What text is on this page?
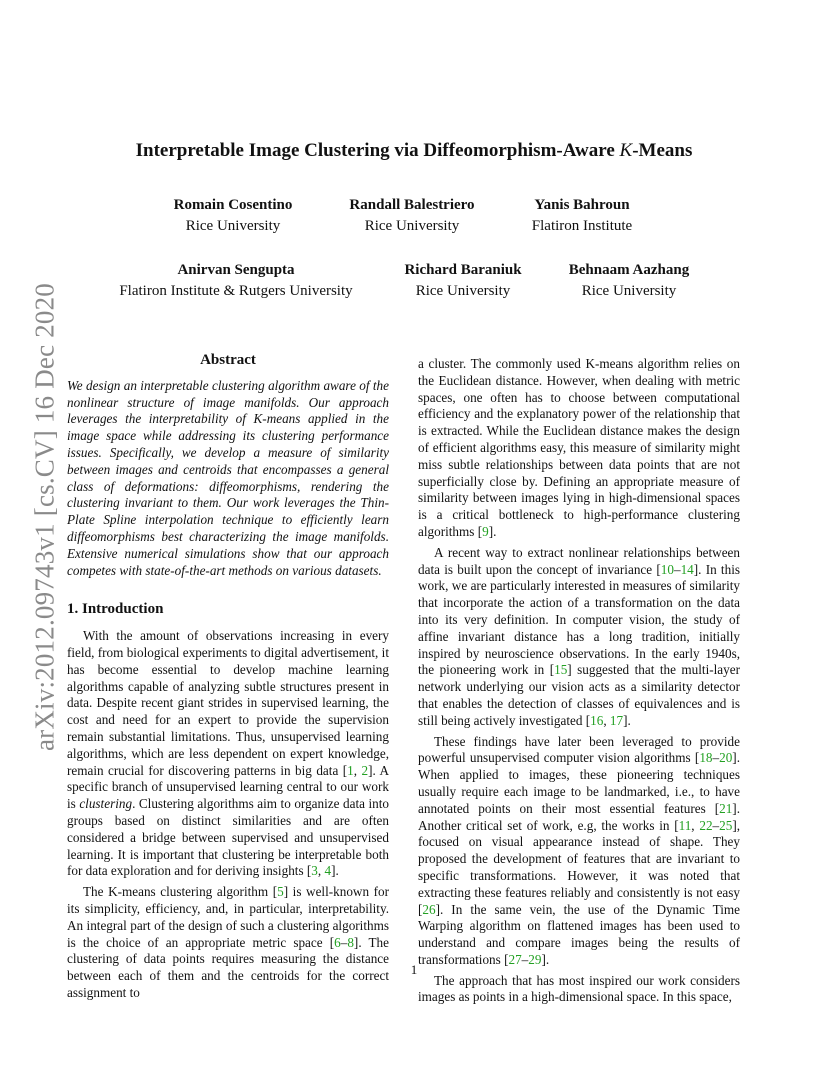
arXiv:2012.09743v1 [cs.CV] 16 Dec 2020
Interpretable Image Clustering via Diffeomorphism-Aware K-Means
Romain Cosentino
Rice University
Randall Balestriero
Rice University
Yanis Bahroun
Flatiron Institute
Anirvan Sengupta
Flatiron Institute & Rutgers University
Richard Baraniuk
Rice University
Behnaam Aazhang
Rice University
Abstract

We design an interpretable clustering algorithm aware of the nonlinear structure of image manifolds. Our approach leverages the interpretability of K-means applied in the image space while addressing its clustering performance issues. Specifically, we develop a measure of similarity between images and centroids that encompasses a general class of deformations: diffeomorphisms, rendering the clustering invariant to them. Our work leverages the Thin-Plate Spline interpolation technique to efficiently learn diffeomorphisms best characterizing the image manifolds. Extensive numerical simulations show that our approach competes with state-of-the-art methods on various datasets.

1. Introduction

With the amount of observations increasing in every field, from biological experiments to digital advertisement, it has become essential to develop machine learning algorithms capable of analyzing subtle structures present in data. Despite recent giant strides in supervised learning, the cost and need for an expert to provide the supervision remain substantial limitations. Thus, unsupervised learning algorithms, which are less dependent on expert knowledge, remain crucial for discovering patterns in big data [1, 2]. A specific branch of unsupervised learning central to our work is clustering. Clustering algorithms aim to organize data into groups based on distinct similarities and are often considered a bridge between supervised and unsupervised learning. It is important that clustering be interpretable both for data exploration and for deriving insights [3, 4].

The K-means clustering algorithm [5] is well-known for its simplicity, efficiency, and, in particular, interpretability. An integral part of the design of such a clustering algorithms is the choice of an appropriate metric space [6–8]. The clustering of data points requires measuring the distance between each of them and the centroids for the correct assignment to

a cluster. The commonly used K-means algorithm relies on the Euclidean distance. However, when dealing with metric spaces, one often has to choose between computational efficiency and the explanatory power of the relationship that is extracted. While the Euclidean distance makes the design of efficient algorithms easy, this measure of similarity might miss subtle relationships between data points that are not superficially close by. Defining an appropriate measure of similarity between images lying in high-dimensional spaces is a critical bottleneck to high-performance clustering algorithms [9].

A recent way to extract nonlinear relationships between data is built upon the concept of invariance [10–14]. In this work, we are particularly interested in measures of similarity that incorporate the action of a transformation on the data into its very definition. In computer vision, the study of affine invariant distance has a long tradition, initially inspired by neuroscience observations. In the early 1940s, the pioneering work in [15] suggested that the multi-layer network underlying our vision acts as a similarity detector that enables the detection of classes of equivalences and is still being actively investigated [16, 17].

These findings have later been leveraged to provide powerful unsupervised computer vision algorithms [18–20]. When applied to images, these pioneering techniques usually require each image to be landmarked, i.e., to have annotated points on their most essential features [21]. Another critical set of work, e.g, the works in [11, 22–25], focused on visual appearance instead of shape. They proposed the development of features that are invariant to specific transformations. However, it was noted that extracting these features reliably and consistently is not easy [26]. In the same vein, the use of the Dynamic Time Warping algorithm on flattened images has been used to understand and compare images being the results of transformations [27–29].

The approach that has most inspired our work considers images as points in a high-dimensional space. In this space,

1
